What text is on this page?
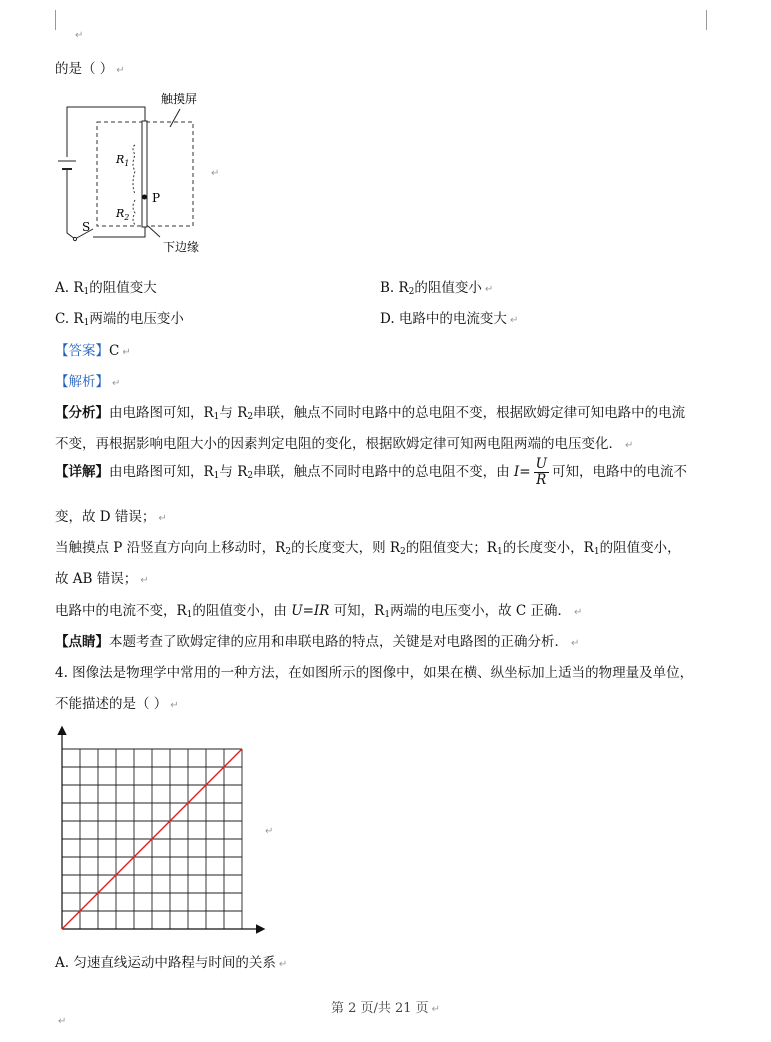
↵
的是（ ） ↵
触摸屏
下边缘
$R_1$
$R_2$
P
S
↵
A. $R_1$的阻值变大	B. $R_2$的阻值变小 ↵
C. $R_1$两端的电压变小	D. 电路中的电流变大 ↵
【答案】C ↵
【解析】 ↵
【分析】由电路图可知，$R_1$与 $R_2$串联，触点不同时电路中的总电阻不变，根据欧姆定律可知电路中的电流
不变，再根据影响电阻大小的因素判定电阻的变化，根据欧姆定律可知两电阻两端的电压变化． ↵
【详解】由电路图可知，$R_1$与 $R_2$串联，触点不同时电路中的总电阻不变，由 $I= \frac{U}{R}$ 可知，电路中的电流不
变，故 D 错误； ↵
当触摸点 P 沿竖直方向向上移动时，$R_2$的长度变大，则 $R_2$的阻值变大；$R_1$的长度变小，$R_1$的阻值变小，
故 AB 错误； ↵
电路中的电流不变，$R_1$的阻值变小，由 U=IR 可知，$R_1$两端的电压变小，故 C 正确． ↵
【点睛】本题考查了欧姆定律的应用和串联电路的特点，关键是对电路图的正确分析． ↵
4. 图像法是物理学中常用的一种方法，在如图所示的图像中，如果在横、纵坐标加上适当的物理量及单位，
不能描述的是（ ） ↵
↵
A. 匀速直线运动中路程与时间的关系 ↵
第 2 页/共 21 页 ↵
↵
